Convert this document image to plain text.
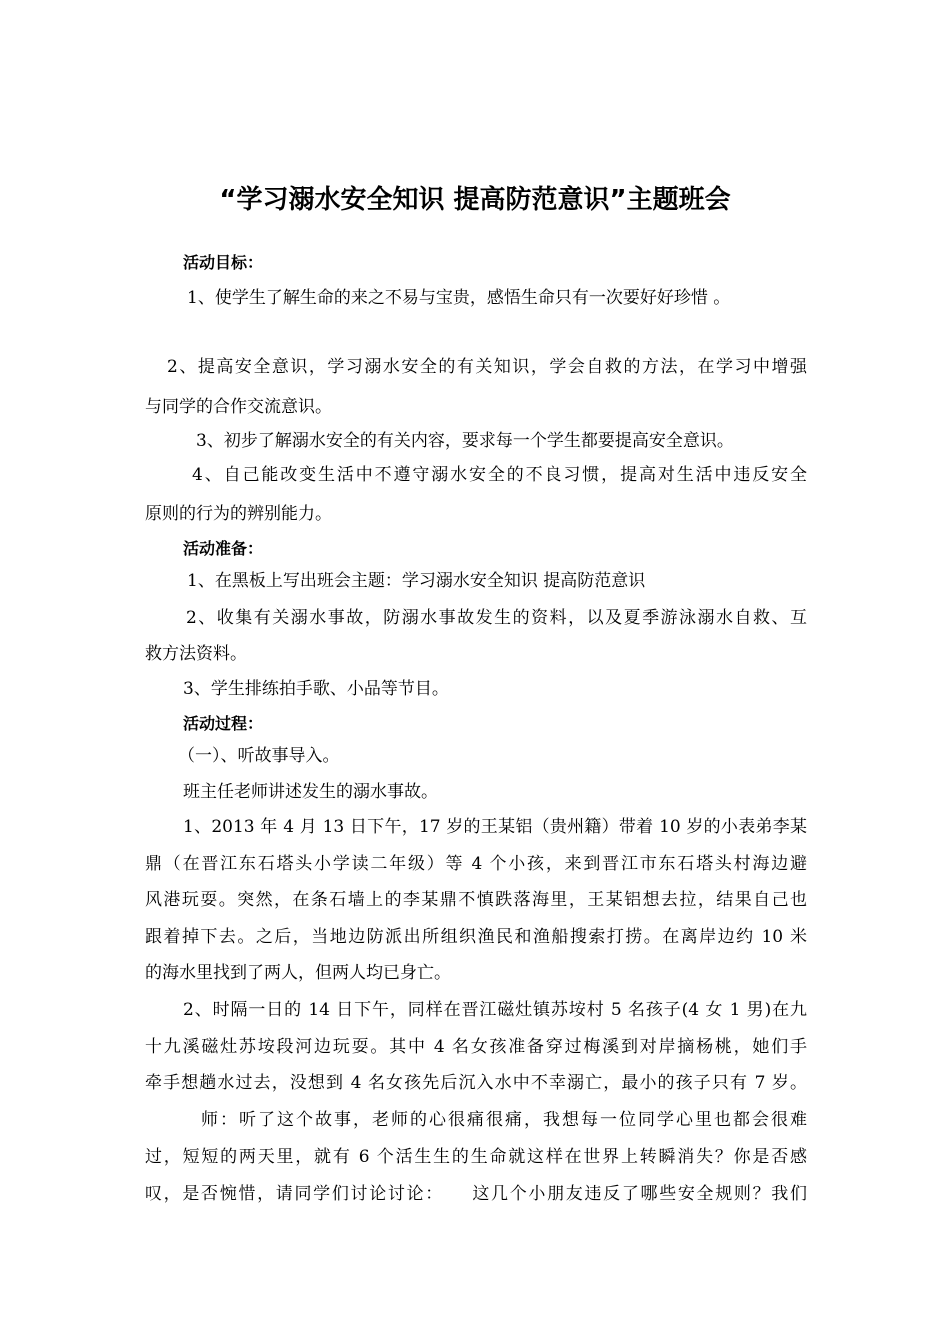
“学习溺水安全知识 提高防范意识”主题班会
活动目标：
1、使学生了解生命的来之不易与宝贵，感悟生命只有一次要好好珍惜 。
2、提高安全意识，学习溺水安全的有关知识，学会自救的方法，在学习中增强
与同学的合作交流意识。
3、初步了解溺水安全的有关内容，要求每一个学生都要提高安全意识。
4、自己能改变生活中不遵守溺水安全的不良习惯，提高对生活中违反安全
原则的行为的辨别能力。
活动准备：
1、在黑板上写出班会主题：学习溺水安全知识 提高防范意识
2、收集有关溺水事故，防溺水事故发生的资料，以及夏季游泳溺水自救、互
救方法资料。
3、学生排练拍手歌、小品等节目。
活动过程：
（一）、听故事导入。
班主任老师讲述发生的溺水事故。
1、2013 年 4 月 13 日下午，17 岁的王某铝（贵州籍）带着 10 岁的小表弟李某
鼎（在晋江东石塔头小学读二年级）等 4 个小孩，来到晋江市东石塔头村海边避
风港玩耍。突然，在条石墙上的李某鼎不慎跌落海里，王某铝想去拉，结果自己也
跟着掉下去。之后，当地边防派出所组织渔民和渔船搜索打捞。在离岸边约 10 米
的海水里找到了两人，但两人均已身亡。
2、时隔一日的 14 日下午，同样在晋江磁灶镇苏垵村 5 名孩子(4 女 1 男)在九
十九溪磁灶苏垵段河边玩耍。其中 4 名女孩准备穿过梅溪到对岸摘杨桃，她们手
牵手想趟水过去，没想到 4 名女孩先后沉入水中不幸溺亡，最小的孩子只有 7 岁。
师：听了这个故事，老师的心很痛很痛，我想每一位同学心里也都会很难
过，短短的两天里，就有 6 个活生生的生命就这样在世界上转瞬消失？你是否感
叹，是否惋惜，请同学们讨论讨论：    这几个小朋友违反了哪些安全规则？我们
